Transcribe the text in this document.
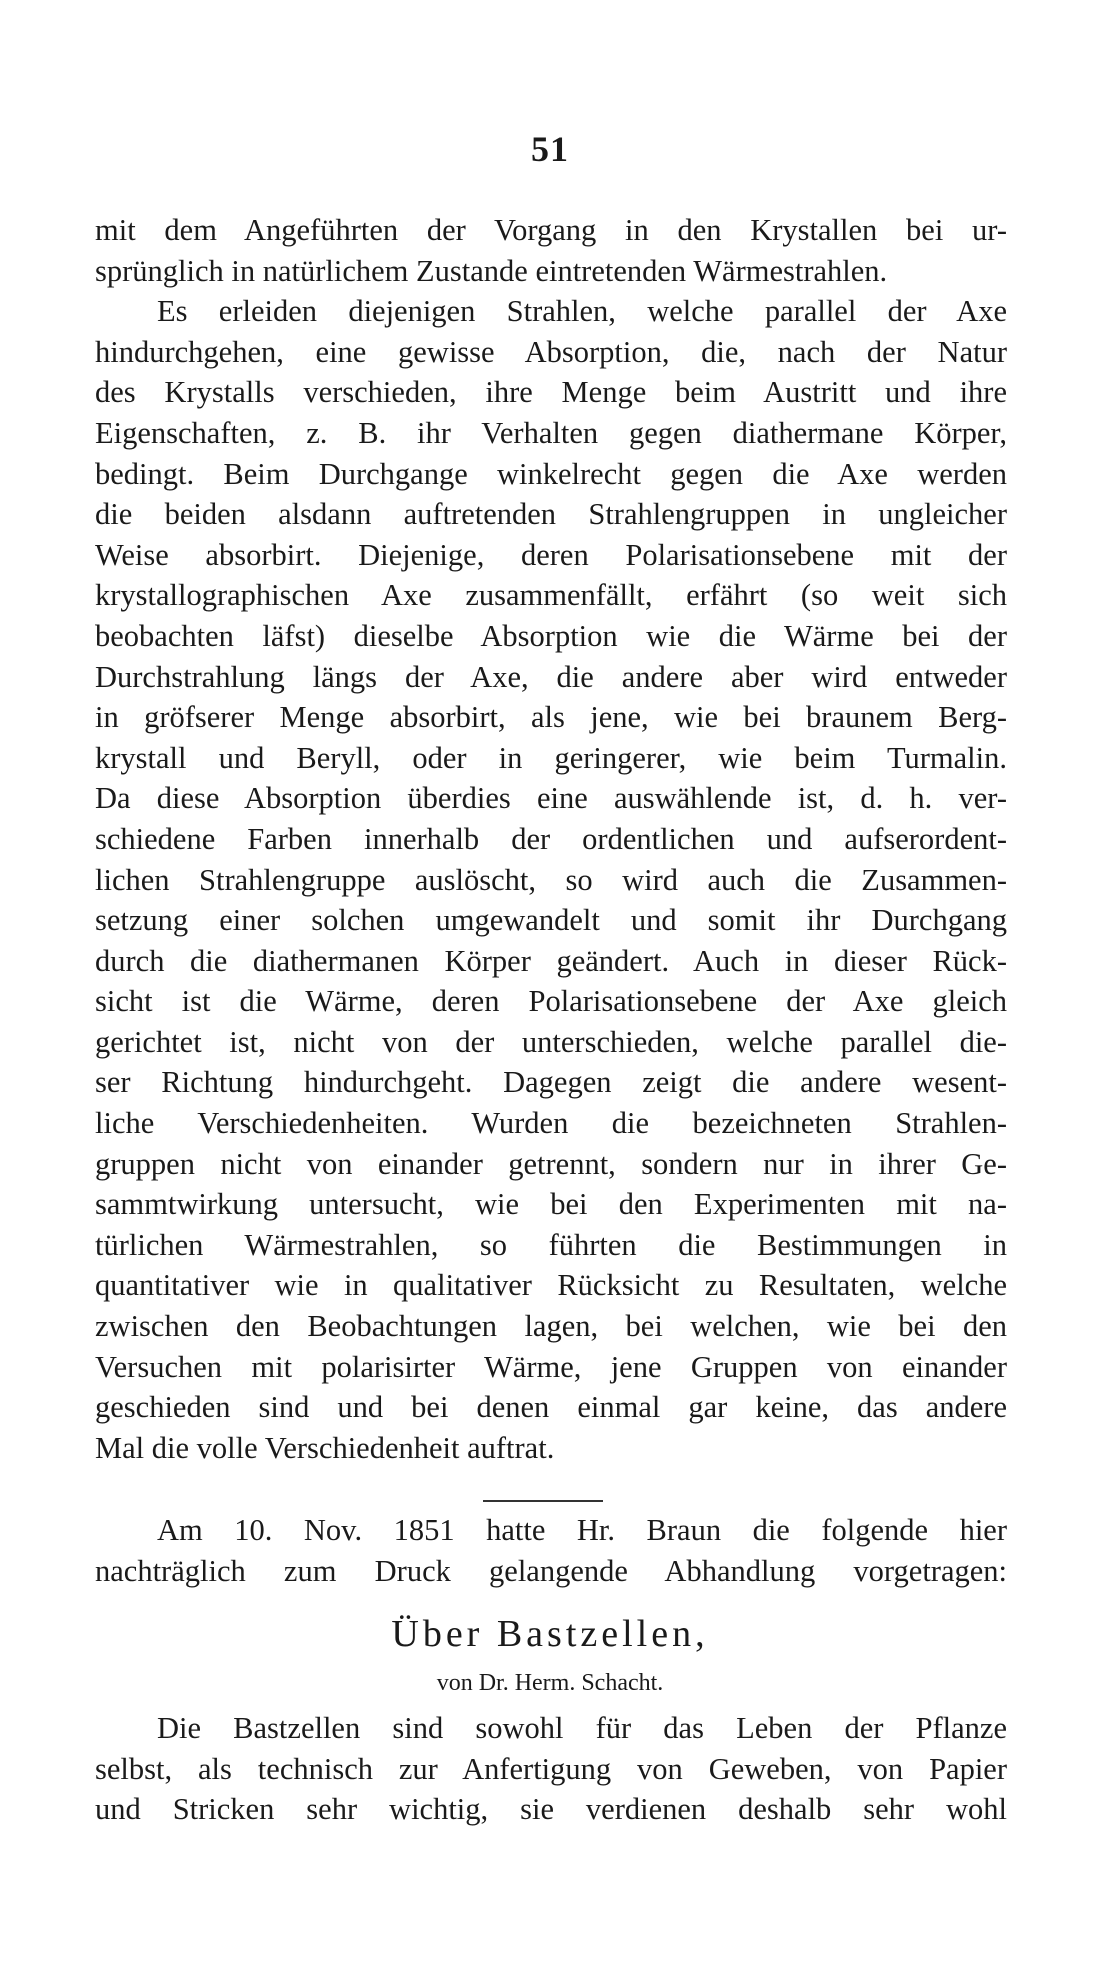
51
mit dem Angeführten der Vorgang in den Krystallen bei ur-
sprünglich in natürlichem Zustande eintretenden Wärmestrahlen.
Es erleiden diejenigen Strahlen, welche parallel der Axe
hindurchgehen, eine gewisse Absorption, die, nach der Natur
des Krystalls verschieden, ihre Menge beim Austritt und ihre
Eigenschaften, z. B. ihr Verhalten gegen diathermane Körper,
bedingt. Beim Durchgange winkelrecht gegen die Axe werden
die beiden alsdann auftretenden Strahlengruppen in ungleicher
Weise absorbirt. Diejenige, deren Polarisationsebene mit der
krystallographischen Axe zusammenfällt, erfährt (so weit sich
beobachten läfst) dieselbe Absorption wie die Wärme bei der
Durchstrahlung längs der Axe, die andere aber wird entweder
in gröfserer Menge absorbirt, als jene, wie bei braunem Berg-
krystall und Beryll, oder in geringerer, wie beim Turmalin.
Da diese Absorption überdies eine auswählende ist, d. h. ver-
schiedene Farben innerhalb der ordentlichen und aufserordent-
lichen Strahlengruppe auslöscht, so wird auch die Zusammen-
setzung einer solchen umgewandelt und somit ihr Durchgang
durch die diathermanen Körper geändert. Auch in dieser Rück-
sicht ist die Wärme, deren Polarisationsebene der Axe gleich
gerichtet ist, nicht von der unterschieden, welche parallel die-
ser Richtung hindurchgeht. Dagegen zeigt die andere wesent-
liche Verschiedenheiten. Wurden die bezeichneten Strahlen-
gruppen nicht von einander getrennt, sondern nur in ihrer Ge-
sammtwirkung untersucht, wie bei den Experimenten mit na-
türlichen Wärmestrahlen, so führten die Bestimmungen in
quantitativer wie in qualitativer Rücksicht zu Resultaten, welche
zwischen den Beobachtungen lagen, bei welchen, wie bei den
Versuchen mit polarisirter Wärme, jene Gruppen von einander
geschieden sind und bei denen einmal gar keine, das andere
Mal die volle Verschiedenheit auftrat.
Am 10. Nov. 1851 hatte Hr. Braun die folgende hier
nachträglich zum Druck gelangende Abhandlung vorgetragen:
Über Bastzellen,
von Dr. Herm. Schacht.
Die Bastzellen sind sowohl für das Leben der Pflanze
selbst, als technisch zur Anfertigung von Geweben, von Papier
und Stricken sehr wichtig, sie verdienen deshalb sehr wohl
